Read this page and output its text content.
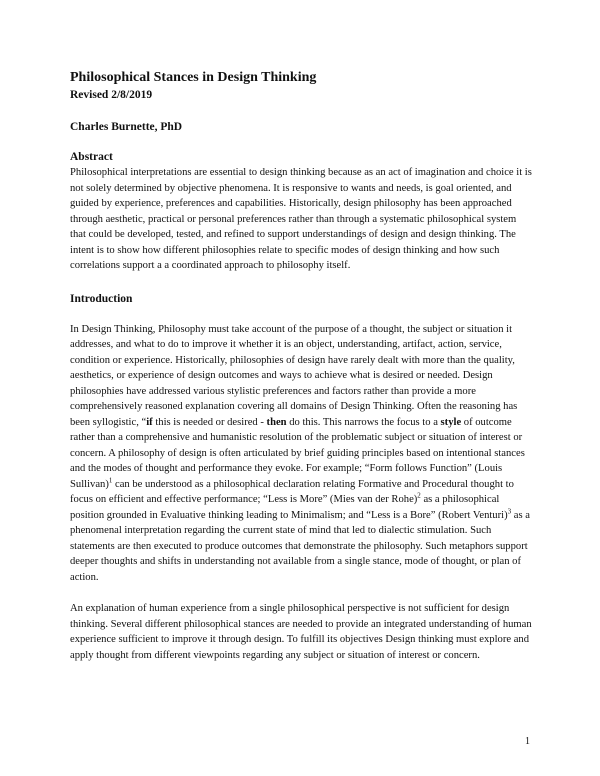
Philosophical Stances in Design Thinking
Revised 2/8/2019
Charles Burnette, PhD
Abstract

Philosophical interpretations are essential to design thinking because as an act of imagination and choice it is not solely determined by objective phenomena. It is responsive to wants and needs, is goal oriented, and guided by experience, preferences and capabilities. Historically, design philosophy has been approached through aesthetic, practical or personal preferences rather than through a systematic philosophical system that could be developed, tested, and refined to support understandings of design and design thinking. The intent is to show how different philosophies relate to specific modes of design thinking and how such correlations support a a coordinated approach to philosophy itself.

Introduction

In Design Thinking, Philosophy must take account of the purpose of a thought, the subject or situation it addresses, and what to do to improve it whether it is an object, understanding, artifact, action, service, condition or experience. Historically, philosophies of design have rarely dealt with more than the quality, aesthetics, or experience of design outcomes and ways to achieve what is desired or needed. Design philosophies have addressed various stylistic preferences and factors rather than provide a more comprehensively reasoned explanation covering all domains of Design Thinking. Often the reasoning has been syllogistic, “if this is needed or desired - then do this. This narrows the focus to a style of outcome rather than a comprehensive and humanistic resolution of the problematic subject or situation of interest or concern. A philosophy of design is often articulated by brief guiding principles based on intentional stances and the modes of thought and performance they evoke. For example; “Form follows Function” (Louis Sullivan)$^1$ can be understood as a philosophical declaration relating Formative and Procedural thought to focus on efficient and effective performance; “Less is More” (Mies van der Rohe)$^2$ as a philosophical position grounded in Evaluative thinking leading to Minimalism; and “Less is a Bore” (Robert Venturi)$^3$ as a phenomenal interpretation regarding the current state of mind that led to dialectic stimulation. Such statements are then executed to produce outcomes that demonstrate the philosophy. Such metaphors support deeper thoughts and shifts in understanding not available from a single stance, mode of thought, or plan of action.

An explanation of human experience from a single philosophical perspective is not sufficient for design thinking. Several different philosophical stances are needed to provide an integrated understanding of human experience sufficient to improve it through design. To fulfill its objectives Design thinking must explore and apply thought from different viewpoints regarding any subject or situation of interest or concern.

1
